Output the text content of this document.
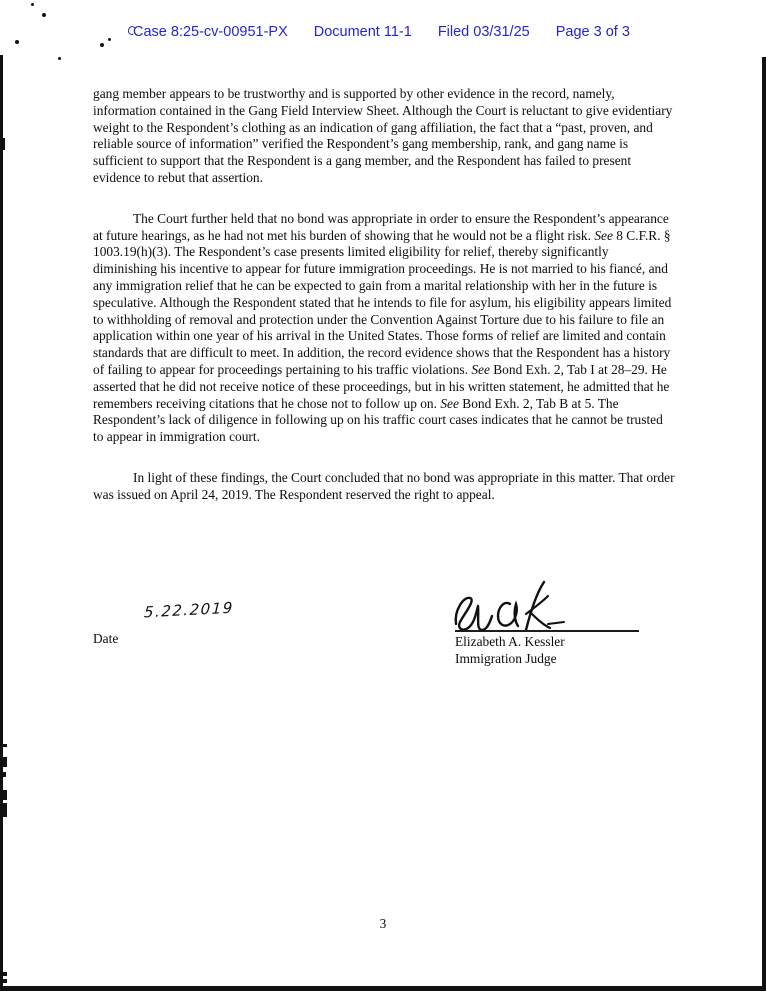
Case 8:25-cv-00951-PX Document 11-1 Filed 03/31/25 Page 3 of 3

gang member appears to be trustworthy and is supported by other evidence in the record, namely, information contained in the Gang Field Interview Sheet. Although the Court is reluctant to give evidentiary weight to the Respondent’s clothing as an indication of gang affiliation, the fact that a “past, proven, and reliable source of information” verified the Respondent’s gang membership, rank, and gang name is sufficient to support that the Respondent is a gang member, and the Respondent has failed to present evidence to rebut that assertion.

The Court further held that no bond was appropriate in order to ensure the Respondent’s appearance at future hearings, as he had not met his burden of showing that he would not be a flight risk. See 8 C.F.R. § 1003.19(h)(3). The Respondent’s case presents limited eligibility for relief, thereby significantly diminishing his incentive to appear for future immigration proceedings. He is not married to his fiancé, and any immigration relief that he can be expected to gain from a marital relationship with her in the future is speculative. Although the Respondent stated that he intends to file for asylum, his eligibility appears limited to withholding of removal and protection under the Convention Against Torture due to his failure to file an application within one year of his arrival in the United States. Those forms of relief are limited and contain standards that are difficult to meet. In addition, the record evidence shows that the Respondent has a history of failing to appear for proceedings pertaining to his traffic violations. See Bond Exh. 2, Tab I at 28–29. He asserted that he did not receive notice of these proceedings, but in his written statement, he admitted that he remembers receiving citations that he chose not to follow up on. See Bond Exh. 2, Tab B at 5. The Respondent’s lack of diligence in following up on his traffic court cases indicates that he cannot be trusted to appear in immigration court.

In light of these findings, the Court concluded that no bond was appropriate in this matter. That order was issued on April 24, 2019. The Respondent reserved the right to appeal.

5.22.2019
Date	Elizabeth A. Kessler
Immigration Judge
3
